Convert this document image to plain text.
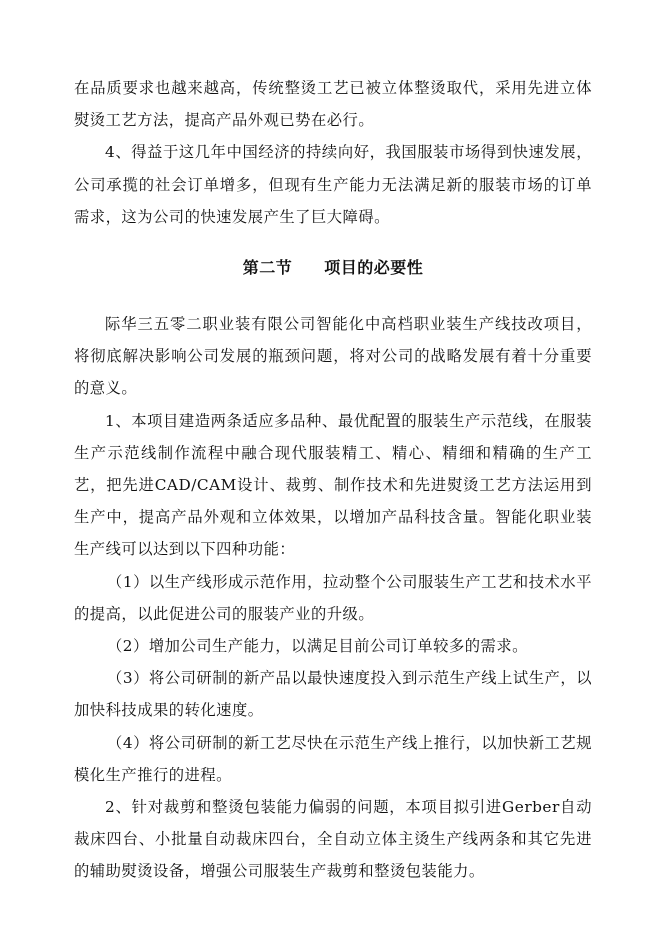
在品质要求也越来越高，传统整烫工艺已被立体整烫取代，采用先进立体熨烫工艺方法，提高产品外观已势在必行。

4、得益于这几年中国经济的持续向好，我国服装市场得到快速发展，公司承揽的社会订单增多，但现有生产能力无法满足新的服装市场的订单需求，这为公司的快速发展产生了巨大障碍。

第二节 项目的必要性

际华三五零二职业装有限公司智能化中高档职业装生产线技改项目，将彻底解决影响公司发展的瓶颈问题，将对公司的战略发展有着十分重要的意义。

1、本项目建造两条适应多品种、最优配置的服装生产示范线，在服装生产示范线制作流程中融合现代服装精工、精心、精细和精确的生产工艺，把先进CAD/CAM设计、裁剪、制作技术和先进熨烫工艺方法运用到生产中，提高产品外观和立体效果，以增加产品科技含量。智能化职业装生产线可以达到以下四种功能：

（1）以生产线形成示范作用，拉动整个公司服装生产工艺和技术水平的提高，以此促进公司的服装产业的升级。

（2）增加公司生产能力，以满足目前公司订单较多的需求。

（3）将公司研制的新产品以最快速度投入到示范生产线上试生产，以加快科技成果的转化速度。

（4）将公司研制的新工艺尽快在示范生产线上推行，以加快新工艺规模化生产推行的进程。

2、针对裁剪和整烫包装能力偏弱的问题，本项目拟引进Gerber自动裁床四台、小批量自动裁床四台，全自动立体主烫生产线两条和其它先进的辅助熨烫设备，增强公司服装生产裁剪和整烫包装能力。
